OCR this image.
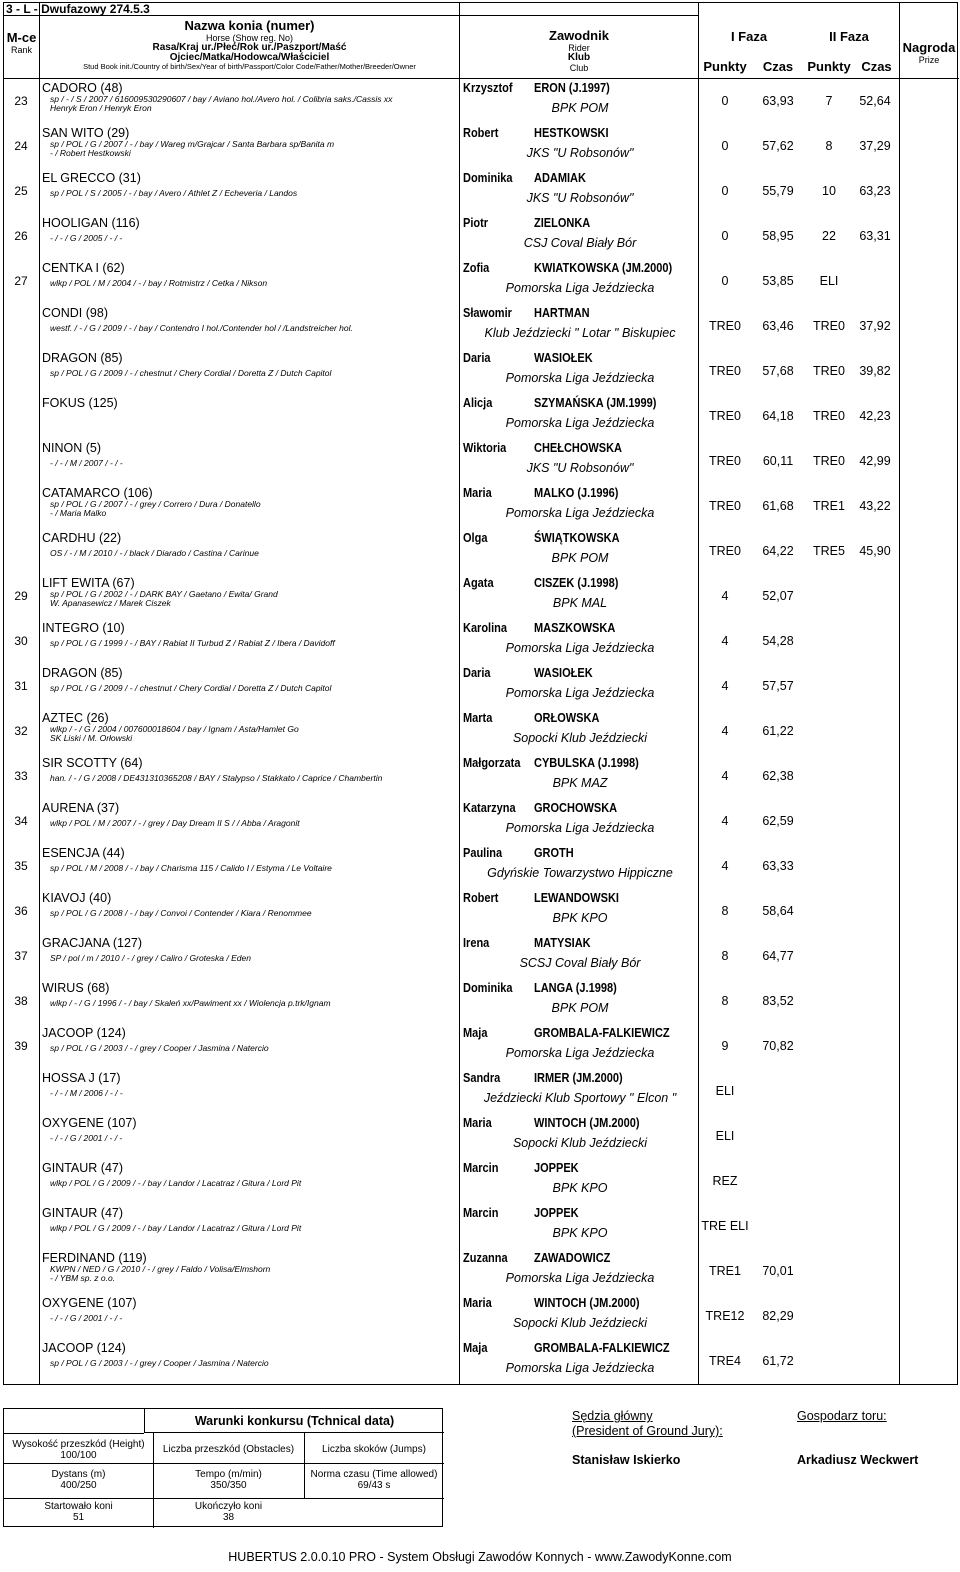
3 - L - Dwufazowy 274.5.3
M-ce
Rank
Nazwa konia (numer)
Horse (Show reg. No)
Rasa/Kraj ur./Płeć/Rok ur./Paszport/Maść
Ojciec/Matka/Hodowca/Właściciel
Stud Book init./Country of birth/Sex/Year of birth/Passport/Color Code/Father/Mother/Breeder/Owner
Zawodnik
Rider
Klub
Club
I Faza	II Faza
Punkty	Czas	Punkty Czas
Nagroda
Prize
23
CADORO (48)	Krzysztof ERON (J.1997)
BPK POM	0	63,93	7	52,64
sp / - / S / 2007 / 616009530290607 / bay / Aviano hol./Avero hol. / Colibria saks./Cassis xx
Henryk Eron / Henryk Eron
24
SAN WITO (29)	Robert	HESTKOWSKI
JKS "U Robsonów"	0	57,62	8	37,29
sp / POL / G / 2007 / - / bay / Wareg m/Grajcar / Santa Barbara sp/Banita m
- / Robert Hestkowski
25
EL GRECCO (31)	Dominika ADAMIAK
JKS "U Robsonów"	0	55,79	10	63,23
sp / POL / S / 2005 / - / bay / Avero / Athlet Z / Echeveria / Landos
26
HOOLIGAN (116)	Piotr	ZIELONKA
CSJ Coval Biały Bór	0	58,95	22	63,31
- / - / G / 2005 / - / -
27
CENTKA I (62)	Zofia	KWIATKOWSKA (JM.2000)
Pomorska Liga Jeździecka	0	53,85	ELI
wlkp / POL / M / 2004 / - / bay / Rotmistrz / Cetka / Nikson
CONDI (98)	Sławomir HARTMAN
Klub Jeździecki " Lotar " Biskupiec	TRE0	63,46	TRE0	37,92
westf. / - / G / 2009 / - / bay / Contendro I hol./Contender hol / /Landstreicher hol.
DRAGON (85)	Daria	WASIOŁEK
Pomorska Liga Jeździecka	TRE0	57,68	TRE0	39,82
sp / POL / G / 2009 / - / chestnut / Chery Cordial / Doretta Z / Dutch Capitol
FOKUS (125)	Alicja	SZYMAŃSKA (JM.1999)
Pomorska Liga Jeździecka	TRE0	64,18	TRE0	42,23
NINON (5)	Wiktoria CHEŁCHOWSKA
JKS "U Robsonów"	TRE0	60,11	TRE0	42,99
- / - / M / 2007 / - / -
CATAMARCO (106)	Maria	MALKO (J.1996)
Pomorska Liga Jeździecka	TRE0	61,68	TRE1	43,22
sp / POL / G / 2007 / - / grey / Correro / Dura / Donatello
- / Maria Malko
CARDHU (22)	Olga	ŚWIĄTKOWSKA
BPK POM	TRE0	64,22	TRE5	45,90
OS / - / M / 2010 / - / black / Diarado / Castina / Carinue
29
LIFT EWITA (67)	Agata	CISZEK (J.1998)
BPK MAL	4	52,07
sp / POL / G / 2002 / - / DARK BAY / Gaetano / Ewita/ Grand
W. Apanasewicz / Marek Ciszek
30
INTEGRO (10)	Karolina MASZKOWSKA
Pomorska Liga Jeździecka	4	54,28
sp / POL / G / 1999 / - / BAY / Rabiat II Turbud Z / Rabiat Z / Ibera / Davidoff
31
DRAGON (85)	Daria	WASIOŁEK
Pomorska Liga Jeździecka	4	57,57
sp / POL / G / 2009 / - / chestnut / Chery Cordial / Doretta Z / Dutch Capitol
32
AZTEC (26)	Marta	ORŁOWSKA
Sopocki Klub Jeździecki	4	61,22
wlkp / - / G / 2004 / 007600018604 / bay / Ignam / Asta/Hamlet Go
SK Liski / M. Orłowski
33
SIR SCOTTY (64)	Małgorzata CYBULSKA (J.1998)
BPK MAZ	4	62,38
han. / - / G / 2008 / DE431310365208 / BAY / Stalypso / Stakkato / Caprice / Chambertin
34
AURENA (37)	Katarzyna GROCHOWSKA
Pomorska Liga Jeździecka	4	62,59
wlkp / POL / M / 2007 / - / grey / Day Dream II S / / Abba / Aragonit
35
ESENCJA (44)	Paulina	GROTH
Gdyńskie Towarzystwo Hippiczne	4	63,33
sp / POL / M / 2008 / - / bay / Charisma 115 / Calido I / Estyma / Le Voltaire
36
KIAVOJ (40)	Robert	LEWANDOWSKI
BPK KPO	8	58,64
sp / POL / G / 2008 / - / bay / Convoi / Contender / Kiara / Renommee
37
GRACJANA (127)	Irena	MATYSIAK
SCSJ Coval Biały Bór	8	64,77
SP / pol / m / 2010 / - / grey / Caliro / Groteska / Eden
38
WIRUS (68)	Dominika LANGA (J.1998)
BPK POM	8	83,52
wlkp / - / G / 1996 / - / bay / Skaleń xx/Pawiment xx / Wiolencja p.trk/Ignam
39
JACOOP (124)	Maja	GROMBALA-FALKIEWICZ
Pomorska Liga Jeździecka	9	70,82
sp / POL / G / 2003 / - / grey / Cooper / Jasmina / Natercio
HOSSA J (17)	Sandra	IRMER (JM.2000)
Jeździecki Klub Sportowy " Elcon "	ELI
- / - / M / 2006 / - / -
OXYGENE (107)	Maria	WINTOCH (JM.2000)
Sopocki Klub Jeździecki	ELI
- / - / G / 2001 / - / -
GINTAUR (47)	Marcin	JOPPEK
BPK KPO	REZ
wlkp / POL / G / 2009 / - / bay / Landor / Lacatraz / Gitura / Lord Pit
GINTAUR (47)	Marcin	JOPPEK
BPK KPO	TRE ELI
wlkp / POL / G / 2009 / - / bay / Landor / Lacatraz / Gitura / Lord Pit
FERDINAND (119)	Zuzanna ZAWADOWICZ
Pomorska Liga Jeździecka	TRE1	70,01
KWPN / NED / G / 2010 / - / grey / Faldo / Volisa/Elmshorn
- / YBM sp. z o.o.
OXYGENE (107)	Maria	WINTOCH (JM.2000)
Sopocki Klub Jeździecki	TRE12	82,29
- / - / G / 2001 / - / -
JACOOP (124)	Maja	GROMBALA-FALKIEWICZ
Pomorska Liga Jeździecka	TRE4	61,72
sp / POL / G / 2003 / - / grey / Cooper / Jasmina / Natercio
Warunki konkursu (Tchnical data)
Wysokość przeszkód (Height)
100/100
Liczba przeszkód (Obstacles)	Liczba skoków (Jumps)
Dystans (m)
400/250
Tempo (m/min)
350/350
Norma czasu (Time allowed)
69/43 s
Startowało koni
51
Ukończyło koni
38
Sędzia główny
(President of Ground Jury):
Stanisław Iskierko
Gospodarz toru:
Arkadiusz Weckwert
HUBERTUS 2.0.0.10 PRO - System Obsługi Zawodów Konnych - www.ZawodyKonne.com
